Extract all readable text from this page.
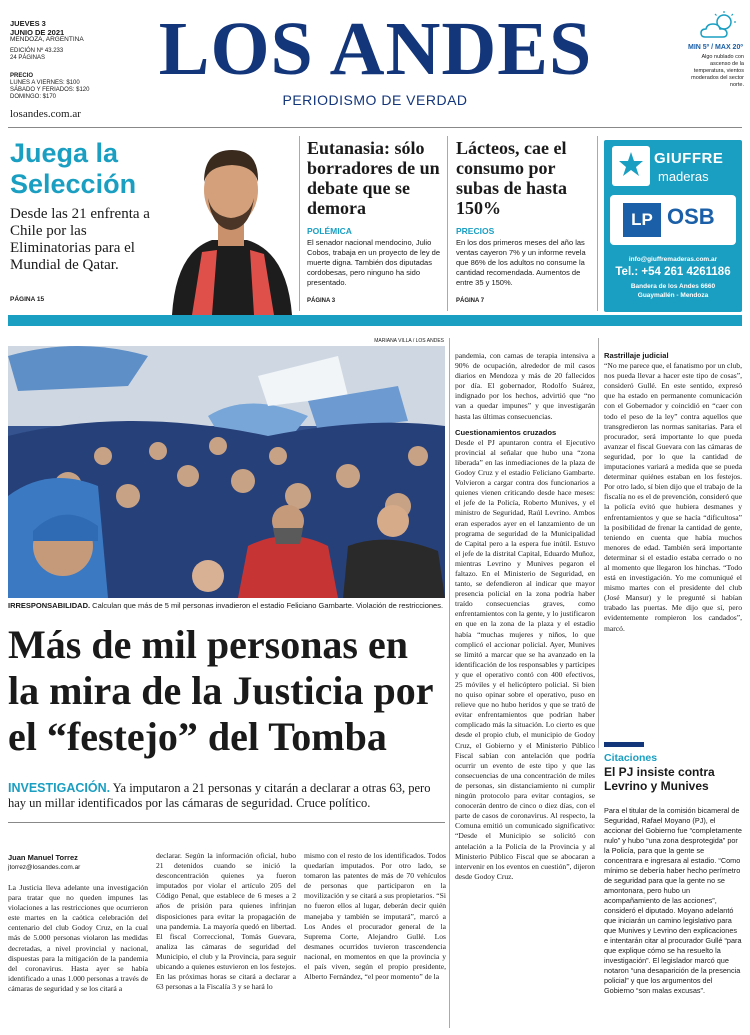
LOS ANDES
PERIODISMO DE VERDAD
JUEVES 3
JUNIO DE 2021
MENDOZA, ARGENTINA
EDICIÓN Nº 43.233
24 PÁGINAS
PRECIO
LUNES A VIERNES: $100
SÁBADO Y FERIADOS: $120
DOMINGO: $170
losandes.com.ar
MIN 5º / MAX 20º
Algo nublado con ascenso de la temperatura, vientos moderados del sector norte.
Juega la Selección
Desde las 21 enfrenta a Chile por las Eliminatorias para el Mundial de Qatar.
PÁGINA 15
Eutanasia: sólo borradores de un debate que se demora
POLÉMICA
El senador nacional mendocino, Julio Cobos, trabaja en un proyecto de ley de muerte digna. También dos diputadas cordobesas, pero ninguno ha sido presentado.
PÁGINA 3
Lácteos, cae el consumo por subas de hasta 150%
PRECIOS
En los dos primeros meses del año las ventas cayeron 7% y un informe revela que 86% de los adultos no consume la cantidad recomendada. Aumentos de entre 35 y 150%.
PÁGINA 7
GIUFFRE
maderas
LP OSB
info@giuffremaderas.com.ar
Tel.: +54 261 4261186
Bandera de los Andes 6660
Guaymallén - Mendoza
MARIANA VILLA / LOS ANDES
IRRESPONSABILIDAD. Calculan que más de 5 mil personas invadieron el estadio Feliciano Gambarte. Violación de restricciones.
Más de mil personas en la mira de la Justicia por el “festejo” del Tomba
INVESTIGACIÓN. Ya imputaron a 21 personas y citarán a declarar a otras 63, pero hay un millar identificados por las cámaras de seguridad. Cruce político.
Juan Manuel Torrez
jtorrez@losandes.com.ar
La Justicia lleva adelante una investigación para tratar que no queden impunes las violaciones a las restricciones que ocurrieron este martes en la caótica celebración del centenario del club Godoy Cruz, en la cual más de 5.000 personas violaron las medidas decretadas, a nivel provincial y nacional, dispuestas para la mitigación de la pandemia del coronavirus. Hasta ayer se había identificado a unas 1.000 personas a través de cámaras de seguridad y se los citará a
declarar. Según la información oficial, hubo 21 detenidos cuando se inició la desconcentración quienes ya fueron imputados por violar el artículo 205 del Código Penal, que establece de 6 meses a 2 años de prisión para quienes infrinjan disposiciones para evitar la propagación de una pandemia. La mayoría quedó en libertad. El fiscal Correccional, Tomás Guevara, analiza las cámaras de seguridad del Municipio, el club y la Provincia, para seguir ubicando a quienes estuvieron en los festejos. En las próximas horas se citará a declarar a 63 personas a la Fiscalía 3 y se hará lo
mismo con el resto de los identificados. Todos quedarían imputados. Por otro lado, se tomaron las patentes de más de 70 vehículos de personas que participaron en la movilización y se citará a sus propietarios. “Si no fueron ellos al lugar, deberán decir quién manejaba y también se imputará”, marcó a Los Andes el procurador general de la Suprema Corte, Alejandro Gullé. Los desmanes ocurridos tuvieron trascendencia nacional, en momentos en que la provincia y el país viven, según el propio presidente, Alberto Fernández, “el peor momento” de la
pandemia, con camas de terapia intensiva a 90% de ocupación, alrededor de mil casos diarios en Mendoza y más de 20 fallecidos por día. El gobernador, Rodolfo Suárez, indignado por los hechos, advirtió que “no van a quedar impunes” y que investigarán hasta las últimas consecuencias.
Cuestionamientos cruzados
Desde el PJ apuntaron contra el Ejecutivo provincial al señalar que hubo una “zona liberada” en las inmediaciones de la plaza de Godoy Cruz y el estadio Feliciano Gambarte. Volvieron a cargar contra dos funcionarios a quienes vienen criticando desde hace meses: el jefe de la Policía, Roberto Munives, y el ministro de Seguridad, Raúl Levrino. Ambos eran esperados ayer en el lanzamiento de un programa de seguridad de la Municipalidad de Capital pero a la espera fue inútil. Estuvo el jefe de la distrital Capital, Eduardo Muñoz, mientras Levrino y Munives pegaron el faltazo. En el Ministerio de Seguridad, en tanto, se defendieron al indicar que mayor presencia policial en la zona podría haber traído consecuencias graves, como enfrentamientos con la gente, y lo justificaron en que en la zona de la plaza y el estadio había “muchas mujeres y niños, lo que complicó el accionar policial. Ayer, Munives se limitó a marcar que se ha avanzado en la identificación de los responsables y partícipes y que el operativo contó con 400 efectivos, 25 móviles y el helicóptero policial. Si bien no quiso opinar sobre el operativo, puso en relieve que no hubo heridos y que se trató de evitar enfrentamientos que podrían haber complicado más la situación. Lo cierto es que desde el propio club, el municipio de Godoy Cruz, el Gobierno y el Ministerio Público Fiscal sabían con antelación que podría ocurrir un evento de este tipo y que las consecuencias de una concentración de miles de personas, sin distanciamiento ni cumplir ningún protocolo para evitar contagios, se conocerán dentro de cinco o diez días, con el parte de casos de coronavirus. Al respecto, la Comuna emitió un comunicado significativo: “Desde el Municipio se solicitó con antelación a la Policía de la Provincia y al Ministerio Público Fiscal que se abocaran a intervenir en los eventos en cuestión”, dijeron desde Godoy Cruz.
Rastrillaje judicial
“No me parece que, el fanatismo por un club, nos pueda llevar a hacer este tipo de cosas”, consideró Gullé. En este sentido, expresó que ha estado en permanente comunicación con el Gobernador y coincidió en “caer con todo el peso de la ley” contra aquellos que transgredieron las normas sanitarias. Para el procurador, será importante lo que pueda avanzar el fiscal Guevara con las cámaras de seguridad, por lo que la cantidad de imputaciones variará a medida que se pueda determinar quiénes estaban en los festejos. Por otro lado, sí bien dijo que el trabajo de la fiscalía no es el de prevención, consideró que la policía evitó que hubiera desmanes y enfrentamientos y que se hacía “dificultosa” la posibilidad de frenar la cantidad de gente, teniendo en cuenta que había muchos menores de edad. También será importante determinar si el estadio estaba cerrado o no al momento que llegaron los hinchas. “Todo está en investigación. Yo me comuniqué el mismo martes con el presidente del club (José Mansur) y le pregunté si habían trabado las puertas. Me dijo que sí, pero evidentemente rompieron los candados”, marcó.
Citaciones
El PJ insiste contra Levrino y Munives
Para el titular de la comisión bicameral de Seguridad, Rafael Moyano (PJ), el accionar del Gobierno fue “completamente nulo” y hubo “una zona desprotegida” por la Policía, para que la gente se concentrara e ingresara al estadio. “Como mínimo se debería haber hecho perímetro de seguridad para que la gente no se amontonara, pero hubo un acompañamiento de las acciones”, consideró el diputado. Moyano adelantó que iniciarán un camino legislativo para que Munives y Levrino den explicaciones e intentarán citar al procurador Gullé “para que explique cómo se ha resuelto la investigación”. El legislador marcó que notaron “una desaparición de la presencia policial” y que los argumentos del Gobierno “son malas excusas”.
